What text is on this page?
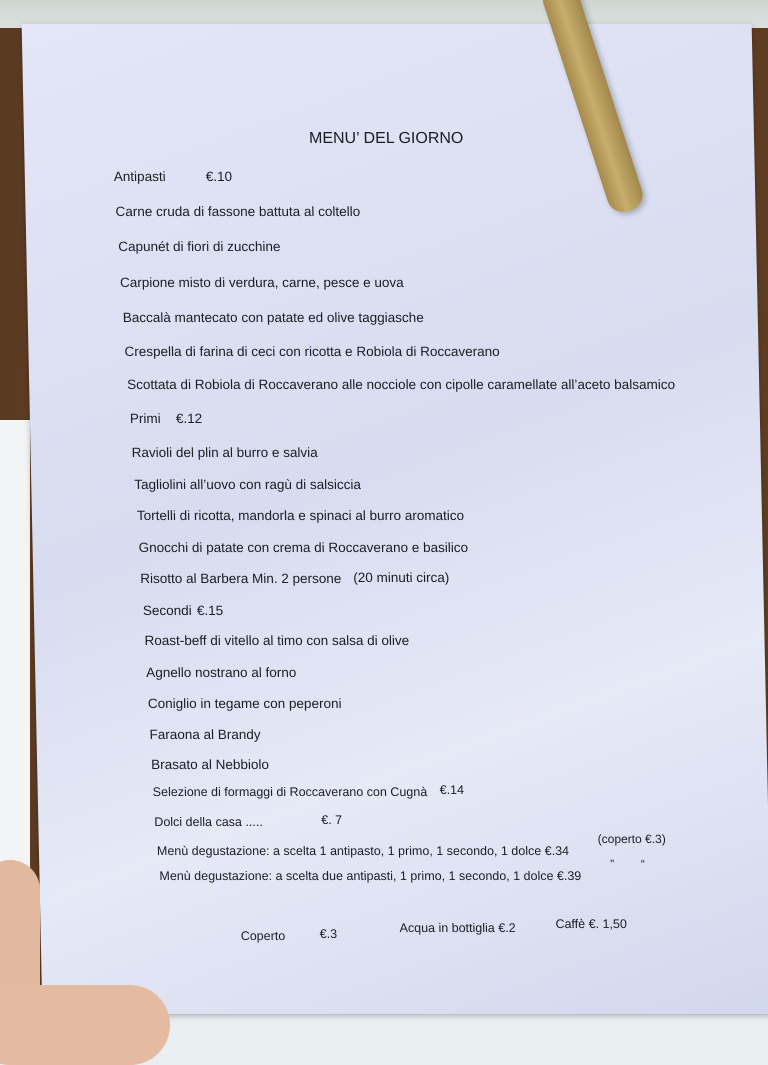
MENU’ DEL GIORNO
Antipasti	€.10
Carne cruda di fassone battuta al coltello
Capunét di fiori di zucchine
Carpione misto di verdura, carne, pesce e uova
Baccalà mantecato con patate ed olive taggiasche
Crespella di farina di ceci con ricotta e Robiola di Roccaverano
Scottata di Robiola di Roccaverano alle nocciole con cipolle caramellate all’aceto balsamico
Primi €.12
Ravioli del plin al burro e salvia
Tagliolini all’uovo con ragù di salsiccia
Tortelli di ricotta, mandorla e spinaci al burro aromatico
Gnocchi di patate con crema di Roccaverano e basilico
Risotto al Barbera Min. 2 persone (20 minuti circa)
Secondi €.15
Roast-beff di vitello al timo con salsa di olive
Agnello nostrano al forno
Coniglio in tegame con peperoni
Faraona al Brandy
Brasato al Nebbiolo
Selezione di formaggi di Roccaverano con Cugnà €.14
Dolci della casa .....	€. 7
Menù degustazione: a scelta 1 antipasto, 1 primo, 1 secondo, 1 dolce €.34
(coperto €.3)
Menù degustazione: a scelta due antipasti, 1 primo, 1 secondo, 1 dolce €.39
”        “
Coperto	€.3	Acqua in bottiglia €.2	Caffè €. 1,50
